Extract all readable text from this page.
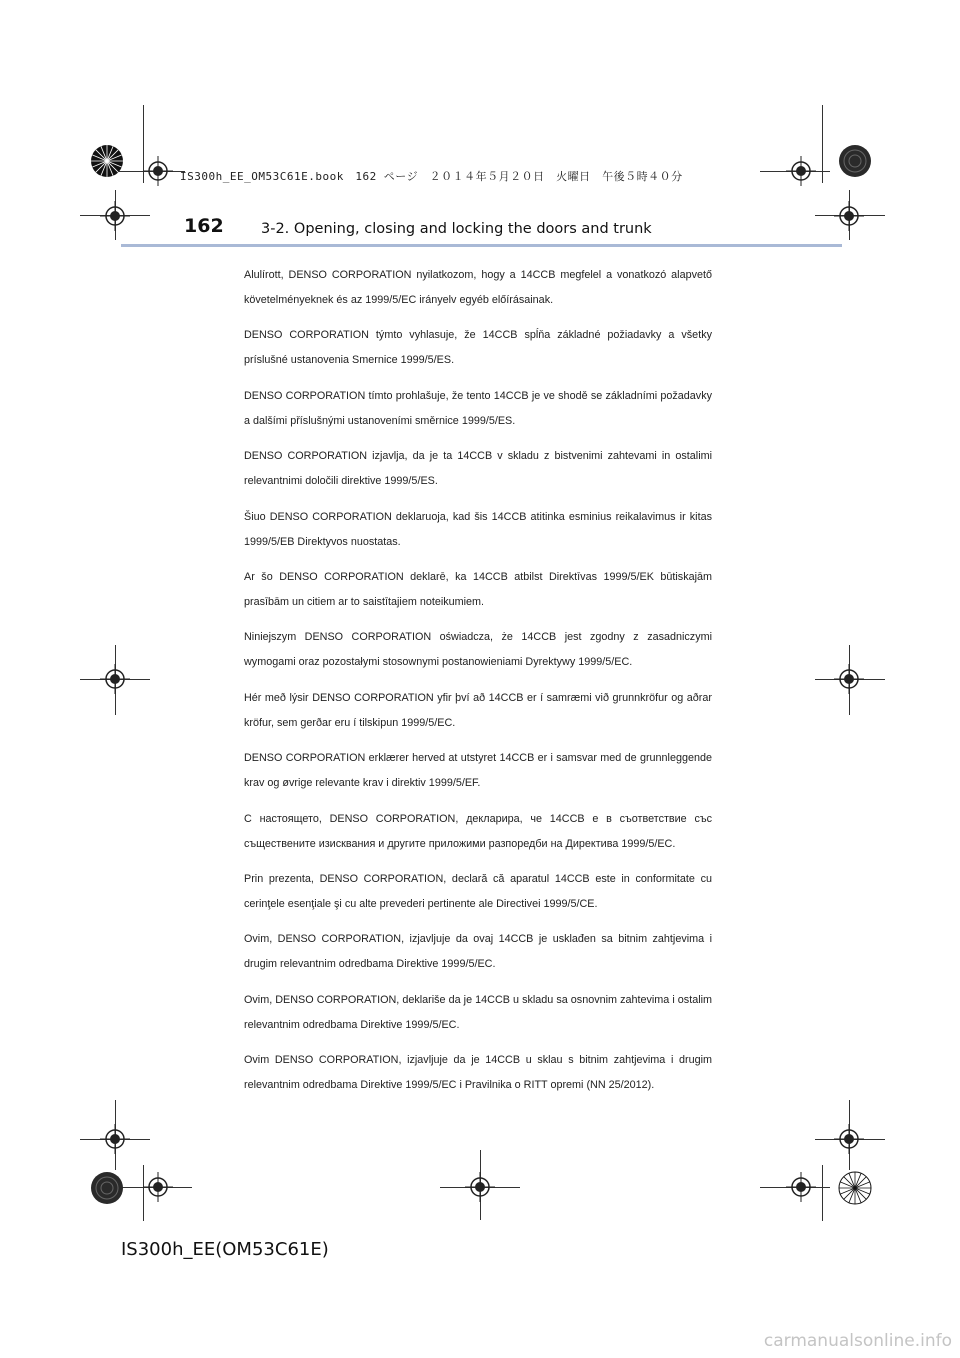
IS300h_EE_OM53C61E.book　162 ページ　２０１４年５月２０日　火曜日　午後５時４０分
162	3-2. Opening, closing and locking the doors and trunk

Alulírott, DENSO CORPORATION nyilatkozom, hogy a 14CCB megfelel a vonatkozó alapvető követelményeknek és az 1999/5/EC irányelv egyéb előírásainak.

DENSO CORPORATION týmto vyhlasuje, že 14CCB spĺňa základné požiadavky a všetky príslušné ustanovenia Smernice 1999/5/ES.

DENSO CORPORATION tímto prohlašuje, že tento 14CCB je ve shodě se základními požadavky a dalšími příslušnými ustanoveními směrnice 1999/5/ES.

DENSO CORPORATION izjavlja, da je ta 14CCB v skladu z bistvenimi zahtevami in ostalimi relevantnimi določili direktive 1999/5/ES.

Šiuo DENSO CORPORATION deklaruoja, kad šis 14CCB atitinka esminius reikalavimus ir kitas 1999/5/EB Direktyvos nuostatas.

Ar šo DENSO CORPORATION deklarē, ka 14CCB atbilst Direktīvas 1999/5/EK būtiskajām prasībām un citiem ar to saistītajiem noteikumiem.

Niniejszym DENSO CORPORATION oświadcza, że 14CCB jest zgodny z zasadniczymi wymogami oraz pozostałymi stosownymi postanowieniami Dyrektywy 1999/5/EC.

Hér með lýsir DENSO CORPORATION yfir því að 14CCB er í samræmi við grunnkröfur og aðrar kröfur, sem gerðar eru í tilskipun 1999/5/EC.

DENSO CORPORATION erklærer herved at utstyret 14CCB er i samsvar med de grunnleggende krav og øvrige relevante krav i direktiv 1999/5/EF.

С настоящето, DENSO CORPORATION, декларира, че 14CCB е в съответствие със съществените изисквания и другите приложими разпоредби на Директива 1999/5/ЕС.

Prin prezenta, DENSO CORPORATION, declară că aparatul 14CCB este in conformitate cu cerinţele esenţiale şi cu alte prevederi pertinente ale Directivei 1999/5/CE.

Ovim, DENSO CORPORATION, izjavljuje da ovaj 14CCB je usklađen sa bitnim zahtjevima i drugim relevantnim odredbama Direktive 1999/5/EC.

Ovim, DENSO CORPORATION, deklariše da je 14CCB u skladu sa osnovnim zahtevima i ostalim relevantnim odredbama Direktive 1999/5/EC.

Ovim DENSO CORPORATION, izjavljuje da je 14CCB u sklau s bitnim zahtjevima i drugim relevantnim odredbama Direktive 1999/5/EC i Pravilnika o RITT opremi (NN 25/2012).

IS300h_EE(OM53C61E)
carmanualsonline.info
